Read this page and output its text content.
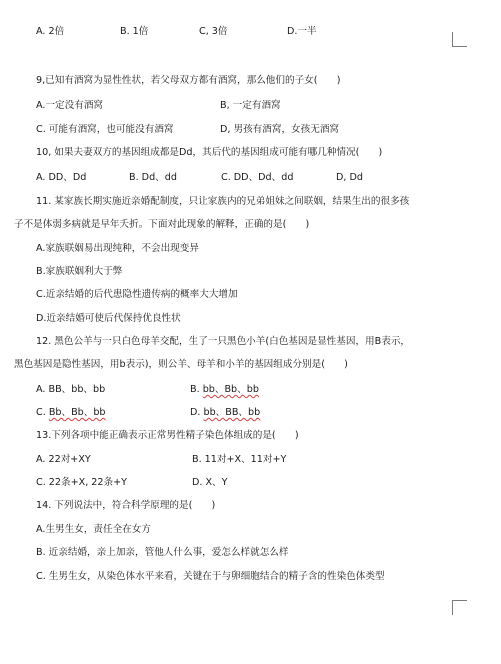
A. 2倍	B. 1倍	C, 3倍	D.一半
9,已知有酒窝为显性性状，若父母双方都有酒窝，那么他们的子女(　　)
A.一定没有酒窝	B, 一定有酒窝
C. 可能有酒窝，也可能没有酒窝	D, 男孩有酒窝，女孩无酒窝
10, 如果夫妻双方的基因组成都是Dd，其后代的基因组成可能有哪几种情况(　　)
A. DD、Dd	B. Dd、dd	C. DD、Dd、dd	D, Dd
11. 某家族长期实施近亲婚配制度，只让家族内的兄弟姐妹之间联姻，结果生出的很多孩
子不是体弱多病就是早年夭折。下面对此现象的解释，正确的是(　　)
A.家族联姻易出现纯种，不会出现变异
B.家族联姻利大于弊
C.近亲结婚的后代患隐性遗传病的概率大大增加
D.近亲结婚可使后代保持优良性状
12. 黑色公羊与一只白色母羊交配，生了一只黑色小羊(白色基因是显性基因，用B表示，
黑色基因是隐性基因，用b表示)，则公羊、母羊和小羊的基因组成分别是(　　)
A. BB、bb、bb	B. bb、Bb、bb
C. Bb、Bb、bb	D. bb、BB、bb
13.下列各项中能正确表示正常男性精子染色体组成的是(　　)
A. 22对+XY	B. 11对+X、11对+Y
C. 22条+X, 22条+Y	D. X、Y
14. 下列说法中，符合科学原理的是(　　)
A.生男生女，责任全在女方
B. 近亲结婚，亲上加亲，管他人什么事，爱怎么样就怎么样
C. 生男生女，从染色体水平来看，关键在于与卵细胞结合的精子含的性染色体类型
